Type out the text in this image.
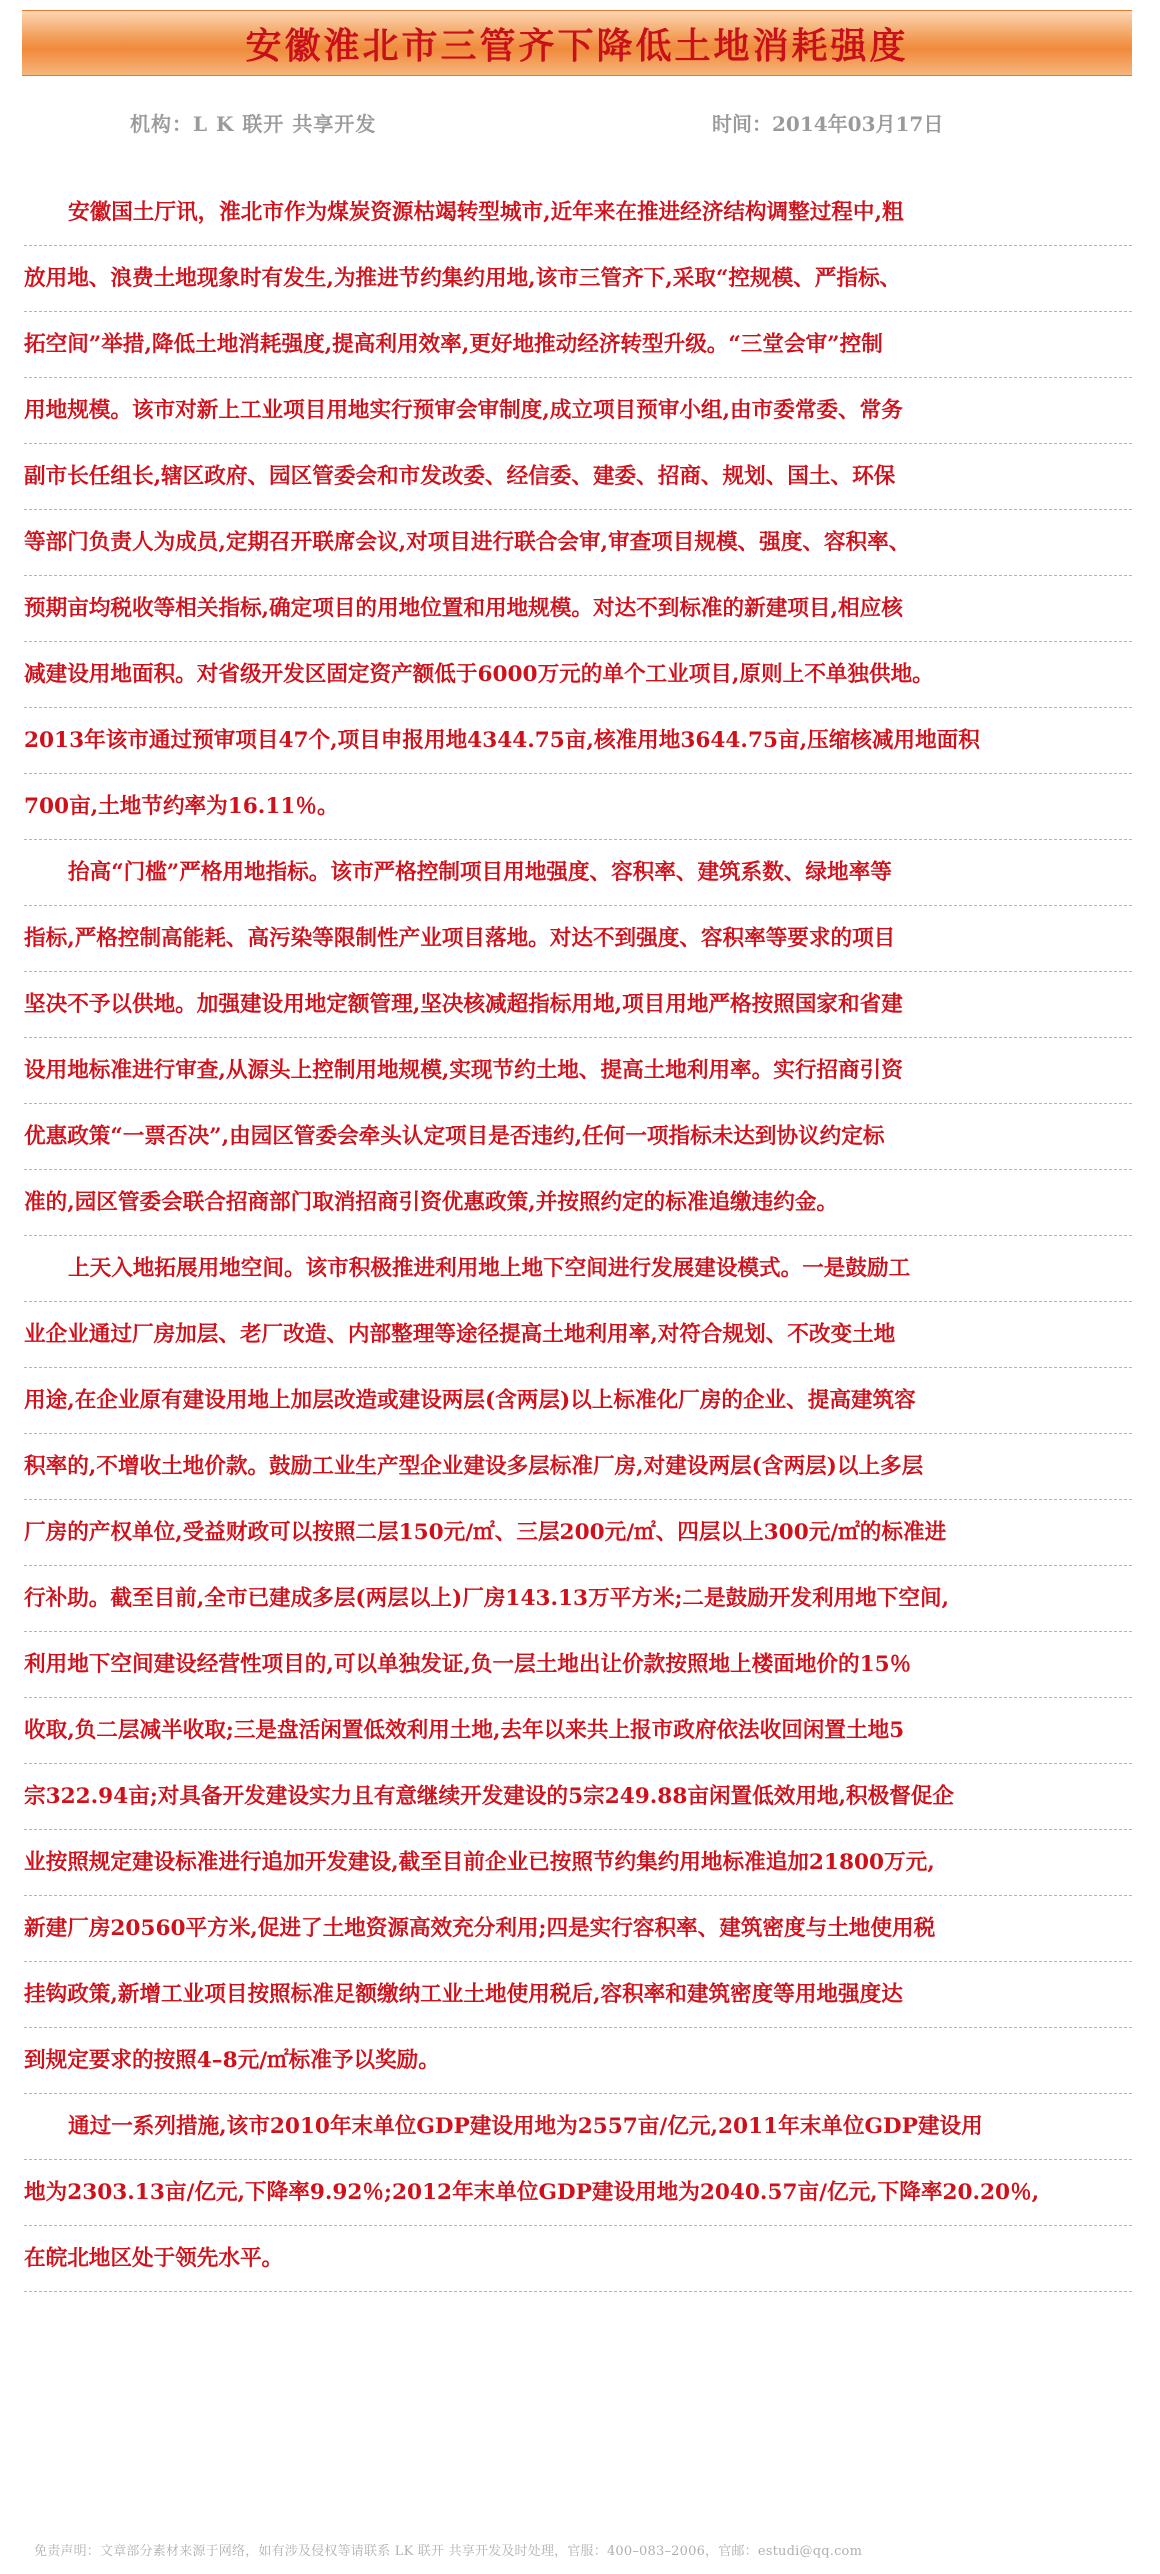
安徽淮北市三管齐下降低土地消耗强度
机构：L K 联开 共享开发	时间：2014年03月17日
安徽国土厅讯，淮北市作为煤炭资源枯竭转型城市,近年来在推进经济结构调整过程中,粗
放用地、浪费土地现象时有发生,为推进节约集约用地,该市三管齐下,采取“控规模、严指标、
拓空间”举措,降低土地消耗强度,提高利用效率,更好地推动经济转型升级。“三堂会审”控制
用地规模。该市对新上工业项目用地实行预审会审制度,成立项目预审小组,由市委常委、常务
副市长任组长,辖区政府、园区管委会和市发改委、经信委、建委、招商、规划、国土、环保
等部门负责人为成员,定期召开联席会议,对项目进行联合会审,审查项目规模、强度、容积率、
预期亩均税收等相关指标,确定项目的用地位置和用地规模。对达不到标准的新建项目,相应核
减建设用地面积。对省级开发区固定资产额低于6000万元的单个工业项目,原则上不单独供地。
2013年该市通过预审项目47个,项目申报用地4344.75亩,核准用地3644.75亩,压缩核减用地面积
700亩,土地节约率为16.11％。
抬高“门槛”严格用地指标。该市严格控制项目用地强度、容积率、建筑系数、绿地率等
指标,严格控制高能耗、高污染等限制性产业项目落地。对达不到强度、容积率等要求的项目
坚决不予以供地。加强建设用地定额管理,坚决核减超指标用地,项目用地严格按照国家和省建
设用地标准进行审查,从源头上控制用地规模,实现节约土地、提高土地利用率。实行招商引资
优惠政策“一票否决”,由园区管委会牵头认定项目是否违约,任何一项指标未达到协议约定标
准的,园区管委会联合招商部门取消招商引资优惠政策,并按照约定的标准追缴违约金。
上天入地拓展用地空间。该市积极推进利用地上地下空间进行发展建设模式。一是鼓励工
业企业通过厂房加层、老厂改造、内部整理等途径提高土地利用率,对符合规划、不改变土地
用途,在企业原有建设用地上加层改造或建设两层(含两层)以上标准化厂房的企业、提高建筑容
积率的,不增收土地价款。鼓励工业生产型企业建设多层标准厂房,对建设两层(含两层)以上多层
厂房的产权单位,受益财政可以按照二层150元/㎡、三层200元/㎡、四层以上300元/㎡的标准进
行补助。截至目前,全市已建成多层(两层以上)厂房143.13万平方米;二是鼓励开发利用地下空间,
利用地下空间建设经营性项目的,可以单独发证,负一层土地出让价款按照地上楼面地价的15％
收取,负二层减半收取;三是盘活闲置低效利用土地,去年以来共上报市政府依法收回闲置土地5
宗322.94亩;对具备开发建设实力且有意继续开发建设的5宗249.88亩闲置低效用地,积极督促企
业按照规定建设标准进行追加开发建设,截至目前企业已按照节约集约用地标准追加21800万元,
新建厂房20560平方米,促进了土地资源高效充分利用;四是实行容积率、建筑密度与土地使用税
挂钩政策,新增工业项目按照标准足额缴纳工业土地使用税后,容积率和建筑密度等用地强度达
到规定要求的按照4–8元/㎡标准予以奖励。
通过一系列措施,该市2010年末单位GDP建设用地为2557亩/亿元,2011年末单位GDP建设用
地为2303.13亩/亿元,下降率9.92％;2012年末单位GDP建设用地为2040.57亩/亿元,下降率20.20％,
在皖北地区处于领先水平。
免责声明：文章部分素材来源于网络，如有涉及侵权等请联系 LK 联开 共享开发及时处理，官服：400–083–2006，官邮：estudi@qq.com
